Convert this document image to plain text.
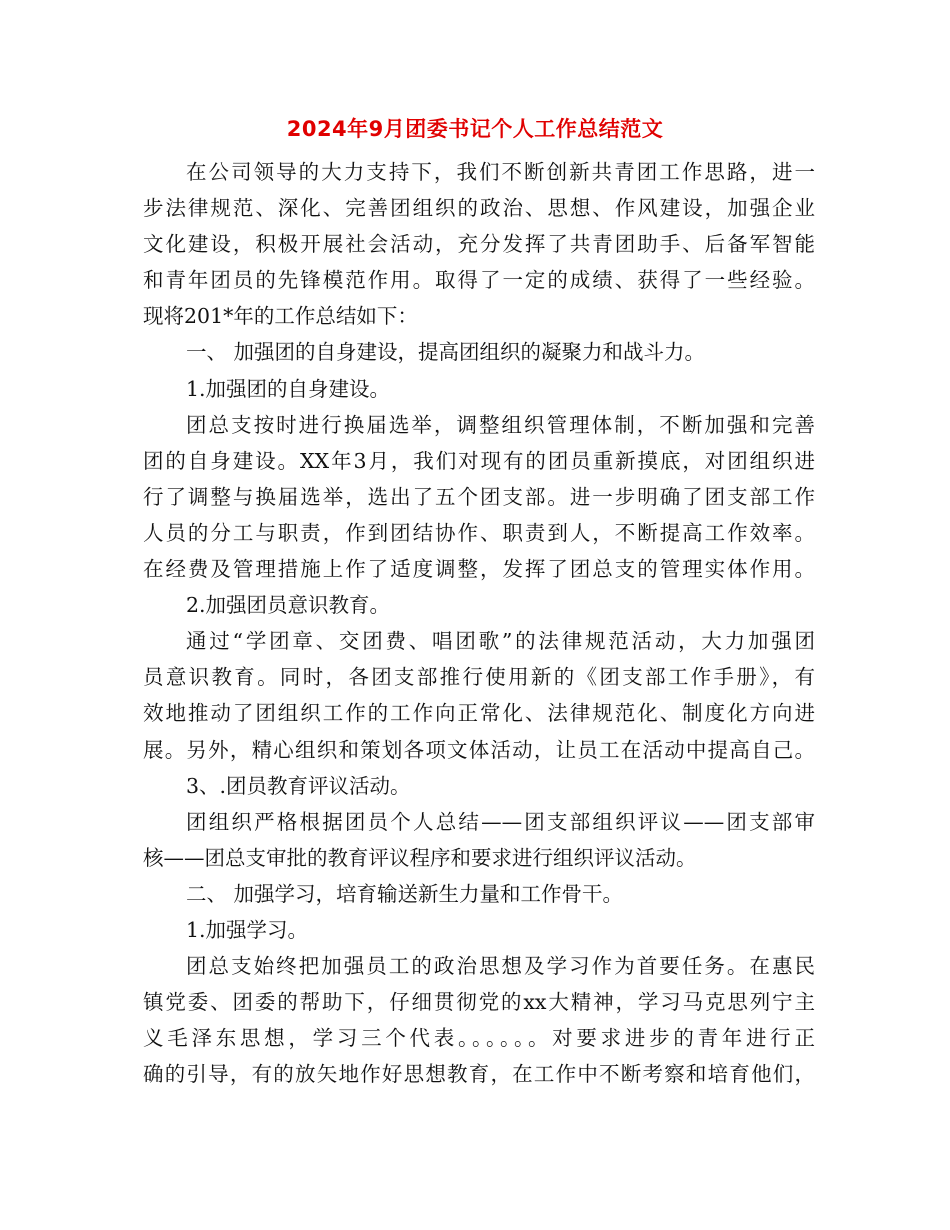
2024年9月团委书记个人工作总结范文
在公司领导的大力支持下，我们不断创新共青团工作思路，进一
步法律规范、深化、完善团组织的政治、思想、作风建设，加强企业
文化建设，积极开展社会活动，充分发挥了共青团助手、后备军智能
和青年团员的先锋模范作用。取得了一定的成绩、获得了一些经验。
现将201*年的工作总结如下：
一、 加强团的自身建设，提高团组织的凝聚力和战斗力。
1.加强团的自身建设。
团总支按时进行换届选举，调整组织管理体制，不断加强和完善
团的自身建设。XX年3月，我们对现有的团员重新摸底，对团组织进
行了调整与换届选举，选出了五个团支部。进一步明确了团支部工作
人员的分工与职责，作到团结协作、职责到人，不断提高工作效率。
在经费及管理措施上作了适度调整，发挥了团总支的管理实体作用。
2.加强团员意识教育。
通过“学团章、交团费、唱团歌”的法律规范活动，大力加强团
员意识教育。同时，各团支部推行使用新的《团支部工作手册》，有
效地推动了团组织工作的工作向正常化、法律规范化、制度化方向进
展。另外，精心组织和策划各项文体活动，让员工在活动中提高自己。
3、.团员教育评议活动。
团组织严格根据团员个人总结——团支部组织评议——团支部审
核——团总支审批的教育评议程序和要求进行组织评议活动。
二、 加强学习，培育输送新生力量和工作骨干。
1.加强学习。
团总支始终把加强员工的政治思想及学习作为首要任务。在惠民
镇党委、团委的帮助下，仔细贯彻党的xx大精神，学习马克思列宁主
义毛泽东思想，学习三个代表。。。。。。对要求进步的青年进行正
确的引导，有的放矢地作好思想教育，在工作中不断考察和培育他们，
